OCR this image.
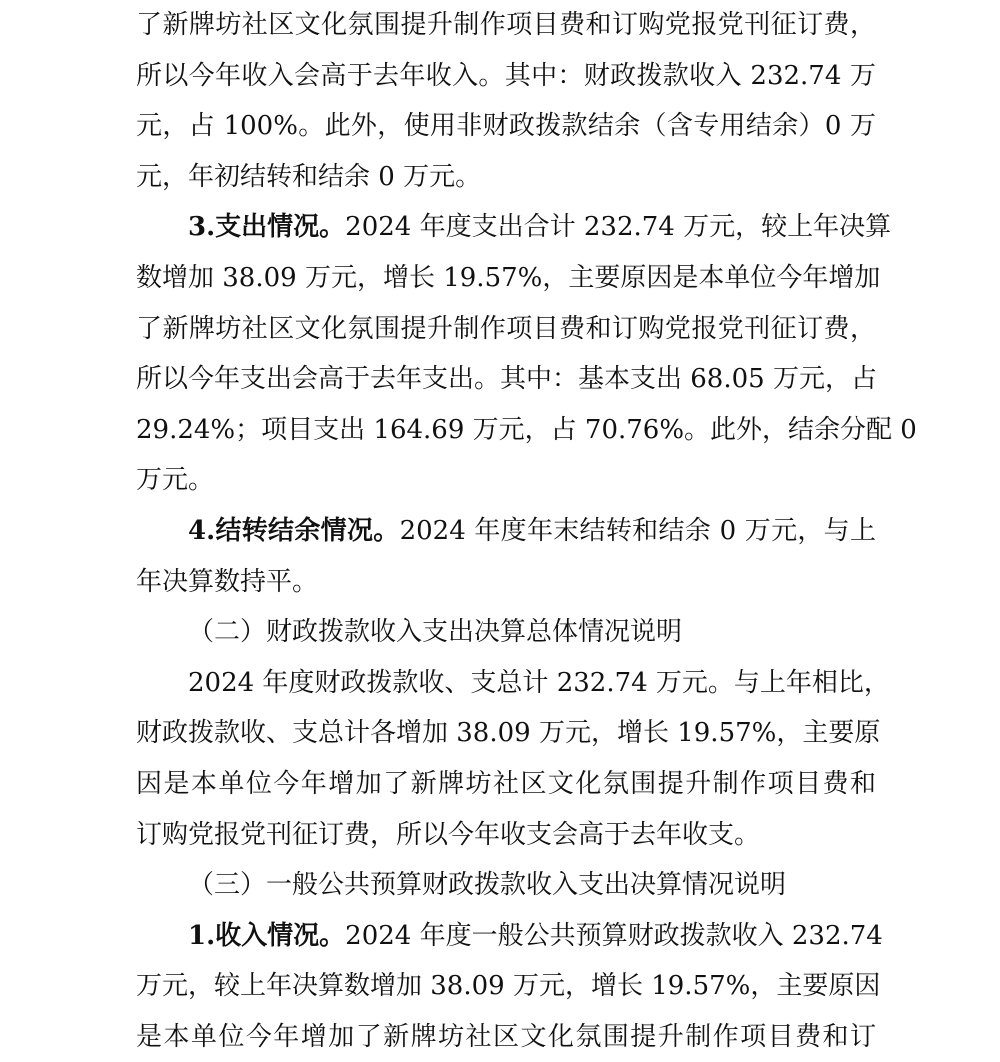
了新牌坊社区文化氛围提升制作项目费和订购党报党刊征订费，
所以今年收入会高于去年收入。其中：财政拨款收入 232.74 万
元，占 100%。此外，使用非财政拨款结余（含专用结余）0 万
元，年初结转和结余 0 万元。
3.支出情况。2024 年度支出合计 232.74 万元，较上年决算
数增加 38.09 万元，增长 19.57%，主要原因是本单位今年增加
了新牌坊社区文化氛围提升制作项目费和订购党报党刊征订费，
所以今年支出会高于去年支出。其中：基本支出 68.05 万元，占
29.24%；项目支出 164.69 万元，占 70.76%。此外，结余分配 0
万元。
4.结转结余情况。2024 年度年末结转和结余 0 万元，与上
年决算数持平。
（二）财政拨款收入支出决算总体情况说明
2024 年度财政拨款收、支总计 232.74 万元。与上年相比，
财政拨款收、支总计各增加 38.09 万元，增长 19.57%，主要原
因是本单位今年增加了新牌坊社区文化氛围提升制作项目费和
订购党报党刊征订费，所以今年收支会高于去年收支。
（三）一般公共预算财政拨款收入支出决算情况说明
1.收入情况。2024 年度一般公共预算财政拨款收入 232.74
万元，较上年决算数增加 38.09 万元，增长 19.57%，主要原因
是本单位今年增加了新牌坊社区文化氛围提升制作项目费和订
